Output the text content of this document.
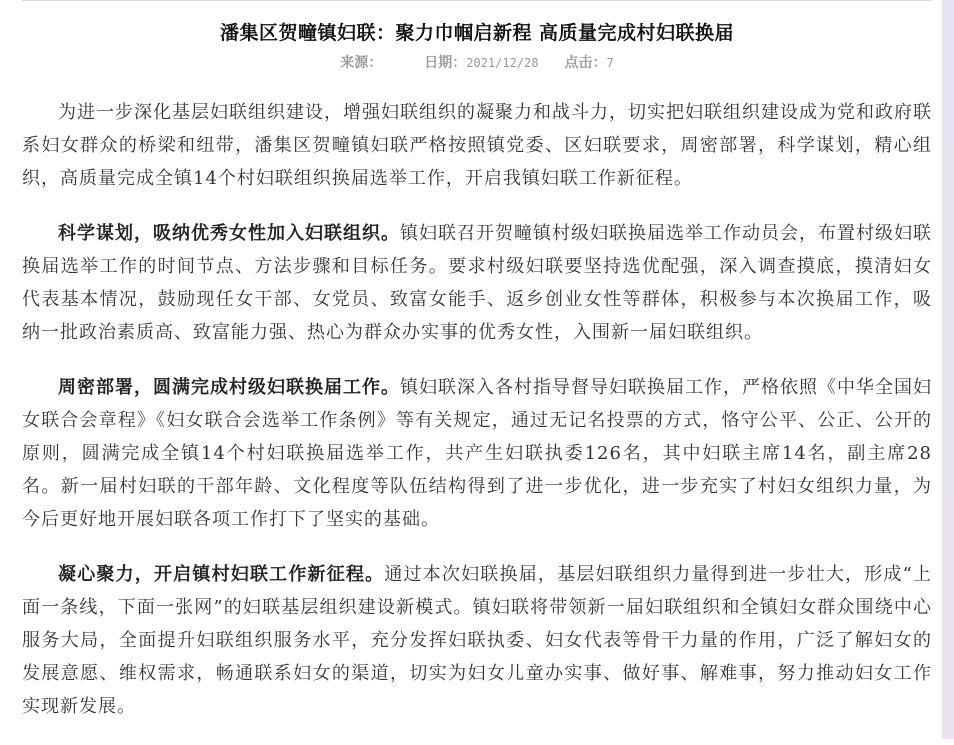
潘集区贺疃镇妇联：聚力巾帼启新程 高质量完成村妇联换届
来源：	日期：2021/12/28 点击：7

为进一步深化基层妇联组织建设，增强妇联组织的凝聚力和战斗力，切实把妇联组织建设成为党和政府联系妇女群众的桥梁和纽带，潘集区贺疃镇妇联严格按照镇党委、区妇联要求，周密部署，科学谋划，精心组织，高质量完成全镇14个村妇联组织换届选举工作，开启我镇妇联工作新征程。

科学谋划，吸纳优秀女性加入妇联组织。镇妇联召开贺疃镇村级妇联换届选举工作动员会，布置村级妇联换届选举工作的时间节点、方法步骤和目标任务。要求村级妇联要坚持选优配强，深入调查摸底，摸清妇女代表基本情况，鼓励现任女干部、女党员、致富女能手、返乡创业女性等群体，积极参与本次换届工作，吸纳一批政治素质高、致富能力强、热心为群众办实事的优秀女性，入围新一届妇联组织。

周密部署，圆满完成村级妇联换届工作。镇妇联深入各村指导督导妇联换届工作，严格依照《中华全国妇女联合会章程》《妇女联合会选举工作条例》等有关规定，通过无记名投票的方式，恪守公平、公正、公开的原则，圆满完成全镇14个村妇联换届选举工作，共产生妇联执委126名，其中妇联主席14名，副主席28名。新一届村妇联的干部年龄、文化程度等队伍结构得到了进一步优化，进一步充实了村妇女组织力量，为今后更好地开展妇联各项工作打下了坚实的基础。

凝心聚力，开启镇村妇联工作新征程。通过本次妇联换届，基层妇联组织力量得到进一步壮大，形成“上面一条线，下面一张网”的妇联基层组织建设新模式。镇妇联将带领新一届妇联组织和全镇妇女群众围绕中心服务大局，全面提升妇联组织服务水平，充分发挥妇联执委、妇女代表等骨干力量的作用，广泛了解妇女的发展意愿、维权需求，畅通联系妇女的渠道，切实为妇女儿童办实事、做好事、解难事，努力推动妇女工作实现新发展。
